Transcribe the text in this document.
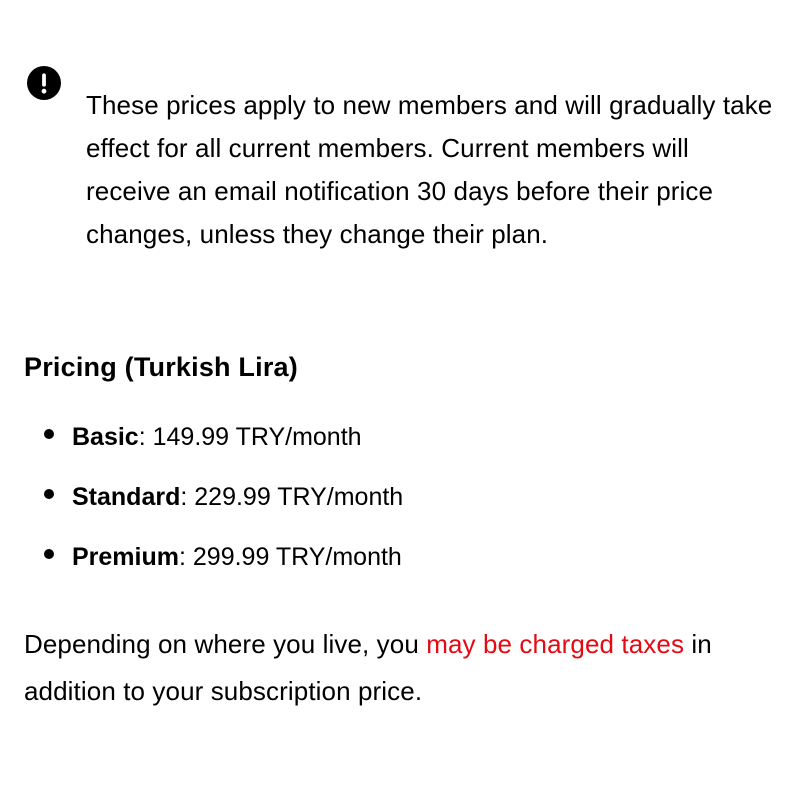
These prices apply to new members and will gradually take effect for all current members. Current members will receive an email notification 30 days before their price changes, unless they change their plan.

Pricing (Turkish Lira)
Basic : 149.99 TRY/month
Standard : 229.99 TRY/month
Premium : 299.99 TRY/month

Depending on where you live, you may be charged taxes in addition to your subscription price.
